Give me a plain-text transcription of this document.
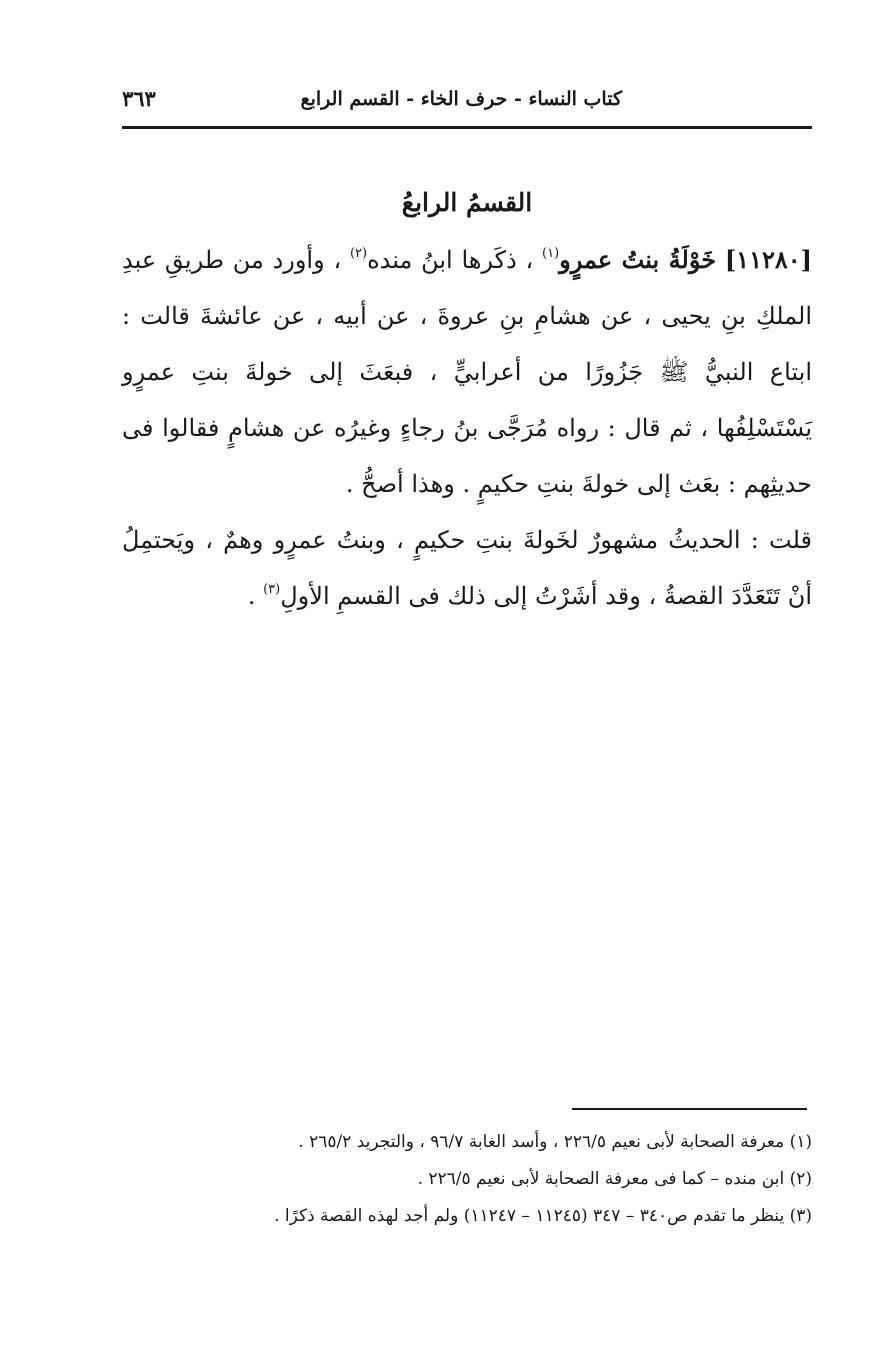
كتاب النساء - حرف الخاء - القسم الرابع
٣٦٣
القسمُ الرابعُ

[١١٢٨٠] خَوْلَةُ بنتُ عمرٍو$^{(١)}$ ، ذكَرها ابنُ منده$^{(٢)}$ ، وأورد من طريقِ عبدِ الملكِ بنِ يحيى ، عن هشامِ بنِ عروةَ ، عن أبيه ، عن عائشةَ قالت : ابتاع النبيُّ ﷺ جَزُورًا من أعرابيٍّ ، فبعَثَ إلى خولةَ بنتِ عمرٍو يَسْتَسْلِفُها ، ثم قال : رواه مُرَجَّى بنُ رجاءٍ وغيرُه عن هشامٍ فقالوا فى حديثِهم : بعَث إلى خولةَ بنتِ حكيمٍ . وهذا أصحُّ .

قلت : الحديثُ مشهورٌ لخَولةَ بنتِ حكيمٍ ، وبنتُ عمرٍو وهمٌ ، ويَحتمِلُ أنْ تَتَعَدَّدَ القصةُ ، وقد أشَرْتُ إلى ذلك فى القسمِ الأولِ$^{(٣)}$ .

(١) معرفة الصحابة لأبى نعيم ٢٢٦/٥ ، وأسد الغابة ٩٦/٧ ، والتجريد ٢٦٥/٢ .
(٢) ابن منده – كما فى معرفة الصحابة لأبى نعيم ٢٢٦/٥ .
(٣) ينظر ما تقدم ص٣٤٠ – ٣٤٧ (١١٢٤٥ – ١١٢٤٧) ولم أجد لهذه القصة ذكرًا .
